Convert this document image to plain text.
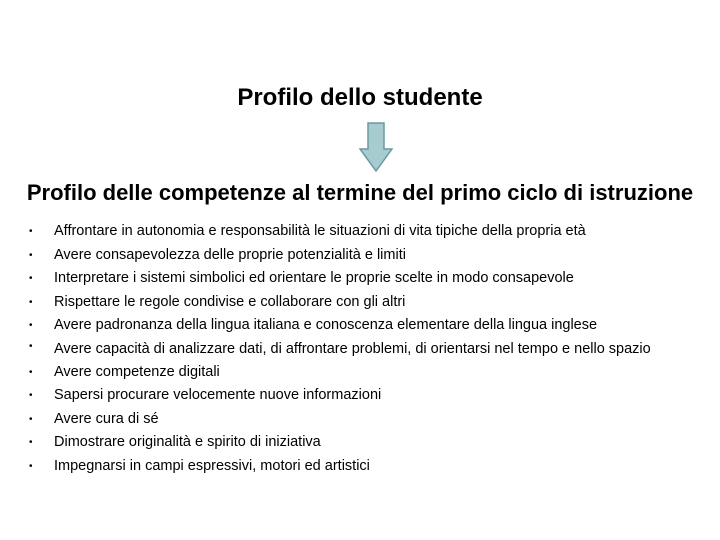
Profilo dello studente
Profilo delle competenze al termine del primo ciclo di istruzione
• Affrontare in autonomia e responsabilità le situazioni di vita tipiche della propria età
• Avere consapevolezza delle proprie potenzialità e limiti
• Interpretare i sistemi simbolici ed orientare le proprie scelte in modo consapevole
• Rispettare le regole condivise e collaborare con gli altri
• Avere padronanza della lingua italiana e conoscenza elementare della lingua inglese
• Avere capacità di analizzare dati, di affrontare problemi, di orientarsi nel tempo e nello spazio
• Avere competenze digitali
• Sapersi procurare velocemente nuove informazioni
• Avere cura di sé
• Dimostrare originalità e spirito di iniziativa
• Impegnarsi in campi espressivi, motori ed artistici
